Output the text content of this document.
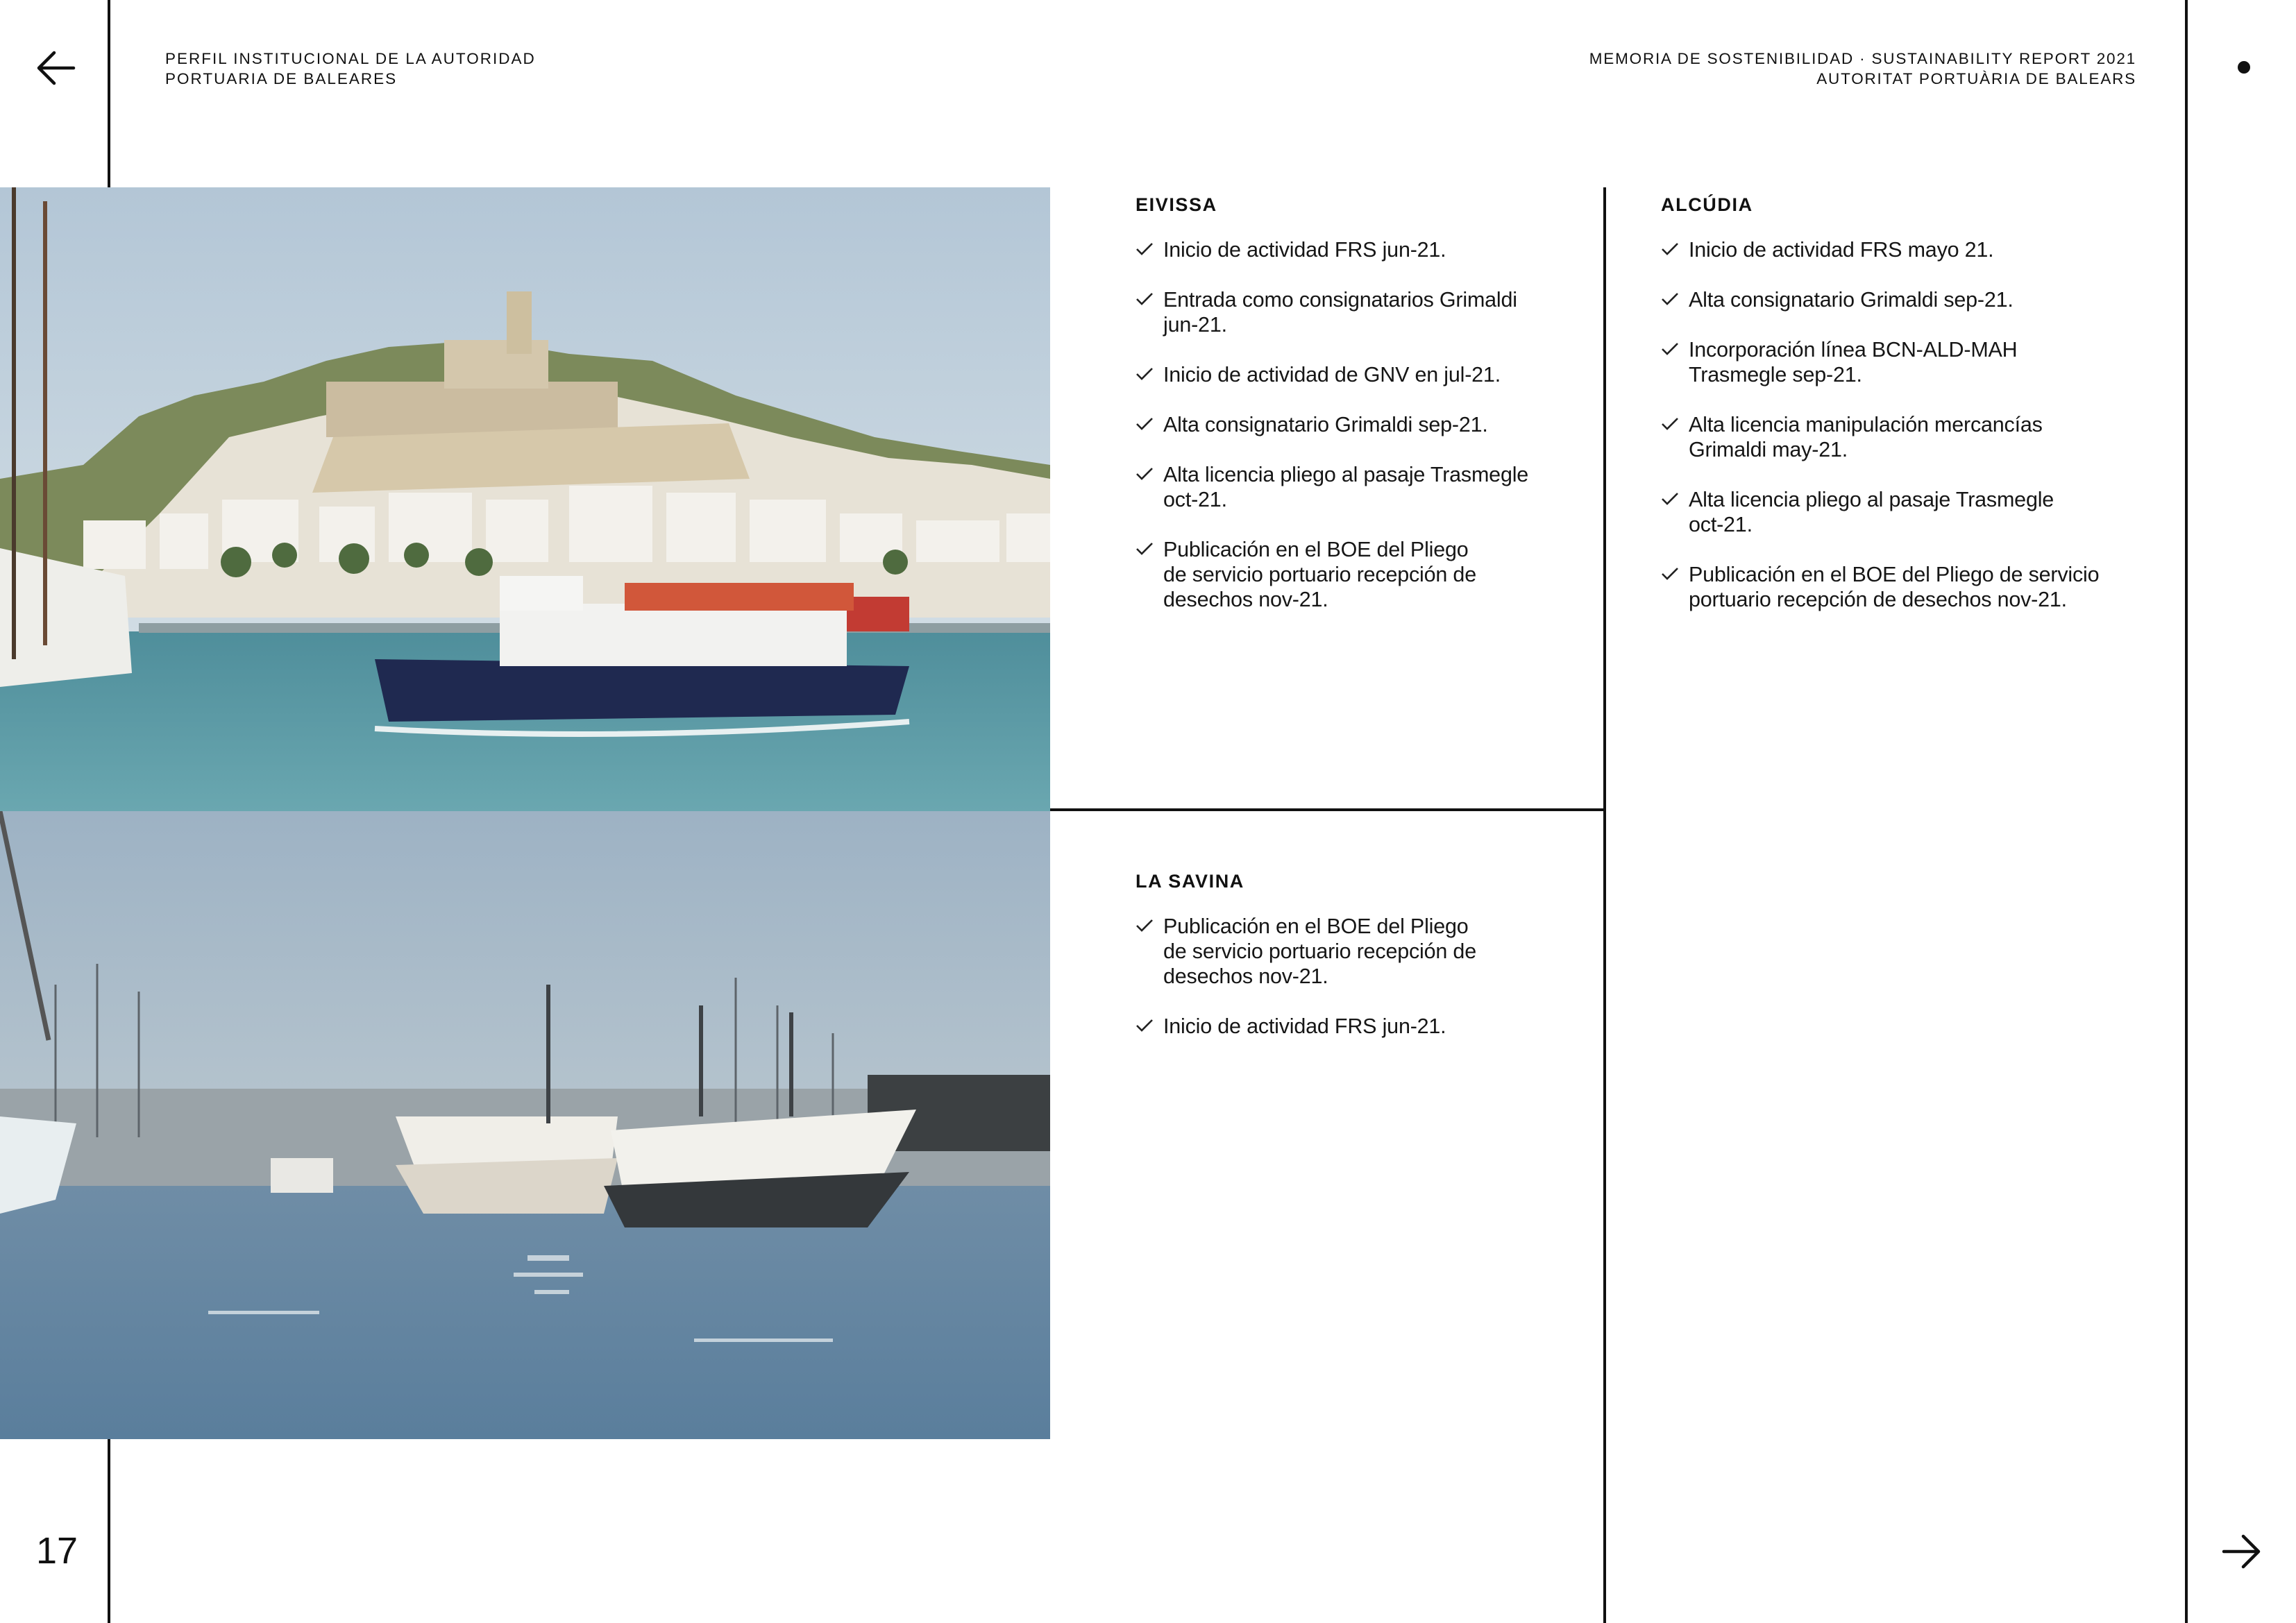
17
PERFIL INSTITUCIONAL DE LA AUTORIDAD
PORTUARIA DE BALEARES
MEMORIA DE SOSTENIBILIDAD · SUSTAINABILITY REPORT 2021
AUTORITAT PORTUÀRIA DE BALEARS
EIVISSA
Inicio de actividad FRS jun-21.
Entrada como consignatarios Grimaldi
jun-21.
Inicio de actividad de GNV en jul-21.
Alta consignatario Grimaldi sep-21.
Alta licencia pliego al pasaje Trasmegle
oct-21.
Publicación en el BOE del Pliego
de servicio portuario recepción de
desechos nov-21.
ALCÚDIA
Inicio de actividad FRS mayo 21.
Alta consignatario Grimaldi sep-21.
Incorporación línea BCN-ALD-MAH
Trasmegle sep-21.
Alta licencia manipulación mercancías
Grimaldi may-21.
Alta licencia pliego al pasaje Trasmegle
oct-21.
Publicación en el BOE del Pliego de servicio
portuario recepción de desechos nov-21.
LA SAVINA
Publicación en el BOE del Pliego
de servicio portuario recepción de
desechos nov-21.
Inicio de actividad FRS jun-21.
